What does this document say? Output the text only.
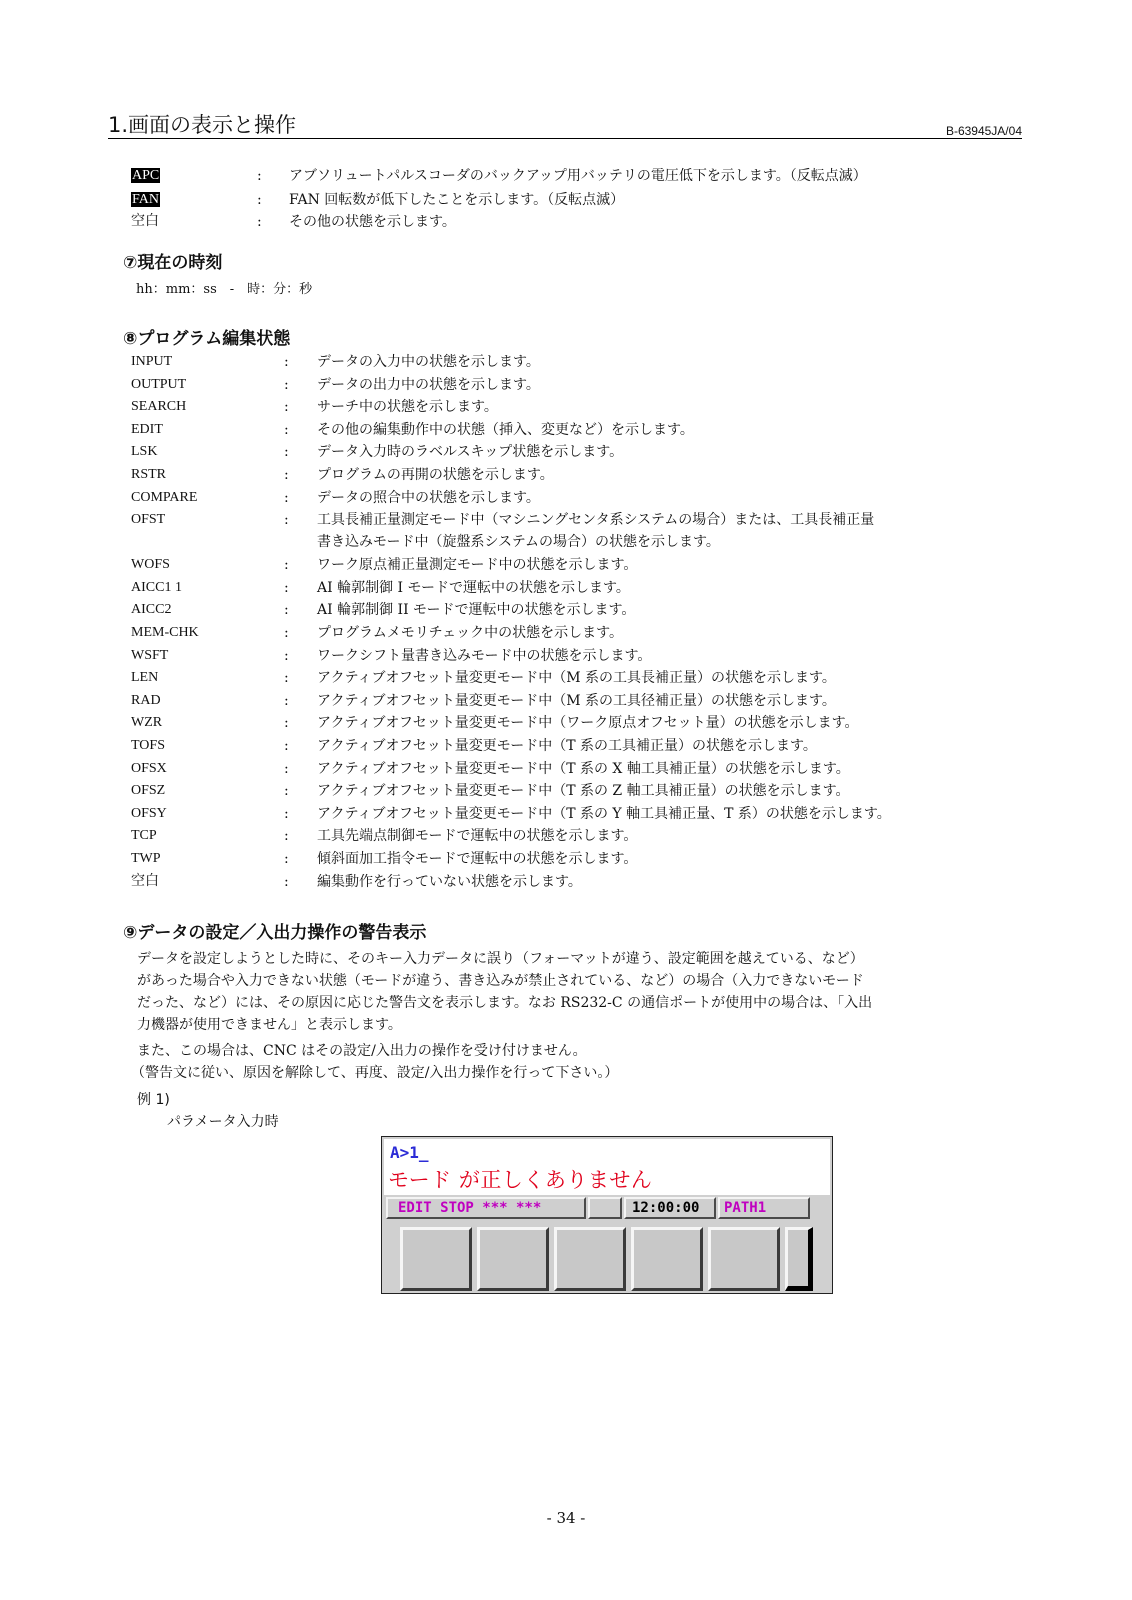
1.画面の表示と操作	B-63945JA/04
APC	: アブソリュートパルスコーダのバックアップ用バッテリの電圧低下を示します。（反転点滅）
FAN	: FAN 回転数が低下したことを示します。（反転点滅）
空白	: その他の状態を示します。
⑦現在の時刻
hh：mm：ss　-　時：分：秒
⑧プログラム編集状態
INPUT	: データの入力中の状態を示します。
OUTPUT	: データの出力中の状態を示します。
SEARCH	: サーチ中の状態を示します。
EDIT	: その他の編集動作中の状態（挿入、変更など）を示します。
LSK	: データ入力時のラベルスキップ状態を示します。
RSTR	: プログラムの再開の状態を示します。
COMPARE	: データの照合中の状態を示します。
OFST	: 工具長補正量測定モード中（マシニングセンタ系システムの場合）または、工具長補正量
書き込みモード中（旋盤系システムの場合）の状態を示します。
WOFS	: ワーク原点補正量測定モード中の状態を示します。
AICC1 1	: AI 輪郭制御 I モードで運転中の状態を示します。
AICC2	: AI 輪郭制御 II モードで運転中の状態を示します。
MEM-CHK	: プログラムメモリチェック中の状態を示します。
WSFT	: ワークシフト量書き込みモード中の状態を示します。
LEN	: アクティブオフセット量変更モード中（M 系の工具長補正量）の状態を示します。
RAD	: アクティブオフセット量変更モード中（M 系の工具径補正量）の状態を示します。
WZR	: アクティブオフセット量変更モード中（ワーク原点オフセット量）の状態を示します。
TOFS	: アクティブオフセット量変更モード中（T 系の工具補正量）の状態を示します。
OFSX	: アクティブオフセット量変更モード中（T 系の X 軸工具補正量）の状態を示します。
OFSZ	: アクティブオフセット量変更モード中（T 系の Z 軸工具補正量）の状態を示します。
OFSY	: アクティブオフセット量変更モード中（T 系の Y 軸工具補正量、T 系）の状態を示します。
TCP	: 工具先端点制御モードで運転中の状態を示します。
TWP	: 傾斜面加工指令モードで運転中の状態を示します。
空白	: 編集動作を行っていない状態を示します。
⑨データの設定／入出力操作の警告表示
データを設定しようとした時に、そのキー入力データに誤り（フォーマットが違う、設定範囲を越えている、など）
があった場合や入力できない状態（モードが違う、書き込みが禁止されている、など）の場合（入力できないモード
だった、など）には、その原因に応じた警告文を表示します。なお RS232-C の通信ポートが使用中の場合は、「入出
力機器が使用できません」と表示します。
また、この場合は、CNC はその設定/入出力の操作を受け付けません。
（警告文に従い、原因を解除して、再度、設定/入出力操作を行って下さい。）
例 1)
パラメータ入力時
A>1_
モード が正しくありません
EDIT STOP *** ***	12:00:00	PATH1
- 34 -
